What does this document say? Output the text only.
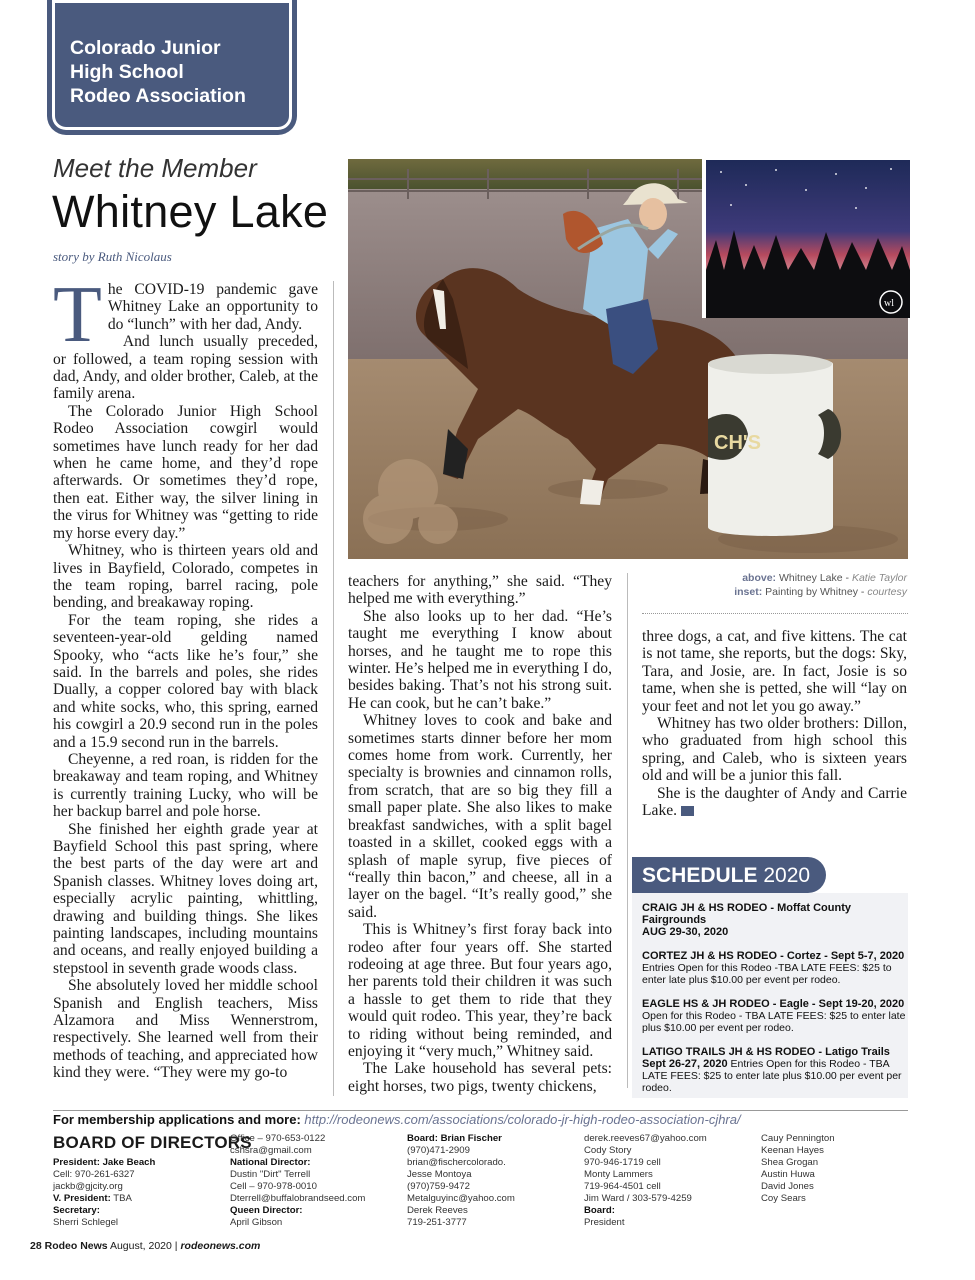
Colorado Junior
High School
Rodeo Association
Meet the Member
Whitney Lake
story by Ruth Nicolaus

The COVID-19 pandemic gave Whitney Lake an opportunity to do “lunch” with her dad, Andy.

And lunch usually preceded, or followed, a team roping session with dad, Andy, and older brother, Caleb, at the family arena.

The Colorado Junior High School Rodeo Association cowgirl would sometimes have lunch ready for her dad when he came home, and they’d rope afterwards. Or sometimes they’d rope, then eat. Either way, the silver lining in the virus for Whitney was “getting to ride my horse every day.”

Whitney, who is thirteen years old and lives in Bayfield, Colorado, competes in the team roping, barrel racing, pole bending, and breakaway roping.

For the team roping, she rides a seventeen-year-old gelding named Spooky, who “acts like he’s four,” she said. In the barrels and poles, she rides Dually, a copper colored bay with black and white socks, who, this spring, earned his cowgirl a 20.9 second run in the poles and a 15.9 second run in the barrels.

Cheyenne, a red roan, is ridden for the breakaway and team roping, and Whitney is currently training Lucky, who will be her backup barrel and pole horse.

She finished her eighth grade year at Bayfield School this past spring, where the best parts of the day were art and Spanish classes. Whitney loves doing art, especially acrylic painting, whittling, drawing and building things. She likes painting landscapes, including mountains and oceans, and really enjoyed building a stepstool in seventh grade woods class.

She absolutely loved her middle school Spanish and English teachers, Miss Alzamora and Miss Wennerstrom, respectively. She learned well from their methods of teaching, and appreciated how kind they were. “They were my go-to

CH'S
wl
above: Whitney Lake - Katie Taylor
inset: Painting by Whitney - courtesy

teachers for anything,” she said. “They helped me with everything.”

She also looks up to her dad. “He’s taught me everything I know about horses, and he taught me to rope this winter. He’s helped me in everything I do, besides baking. That’s not his strong suit. He can cook, but he can’t bake.”

Whitney loves to cook and bake and sometimes starts dinner before her mom comes home from work. Currently, her specialty is brownies and cinnamon rolls, from scratch, that are so big they fill a small paper plate. She also likes to make breakfast sandwiches, with a split bagel toasted in a skillet, cooked eggs with a splash of maple syrup, five pieces of “really thin bacon,” and cheese, all in a layer on the bagel. “It’s really good,” she said.

This is Whitney’s first foray back into rodeo after four years off. She started rodeoing at age three. But four years ago, her parents told their children it was such a hassle to get them to ride that they would quit rodeo. This year, they’re back to riding without being reminded, and enjoying it “very much,” Whitney said.

The Lake household has several pets: eight horses, two pigs, twenty chickens,

three dogs, a cat, and five kittens. The cat is not tame, she reports, but the dogs: Sky, Tara, and Josie, are. In fact, Josie is so tame, when she is petted, she will “lay on your feet and not let you go away.”

Whitney has two older brothers: Dillon, who graduated from high school this spring, and Caleb, who is sixteen years old and will be a junior this fall.

She is the daughter of Andy and Carrie Lake.

SCHEDULE 2020
CRAIG JH & HS RODEO - Moffat County Fairgrounds
AUG 29-30, 2020
CORTEZ JH & HS RODEO - Cortez - Sept 5-7, 2020
Entries Open for this Rodeo -TBA LATE FEES: $25 to enter late plus $10.00 per event per rodeo.
EAGLE HS & JH RODEO - Eagle - Sept 19-20, 2020
Open for this Rodeo - TBA LATE FEES: $25 to enter late plus $10.00 per event per rodeo.
LATIGO TRAILS JH & HS RODEO - Latigo Trails
Sept 26-27, 2020 Entries Open for this Rodeo - TBA LATE FEES: $25 to enter late plus $10.00 per event per rodeo.
For membership applications and more: http://rodeonews.com/associations/colorado-jr-high-rodeo-association-cjhra/
BOARD OF DIRECTORS
President: Jake Beach
Cell: 970-261-6327
jackb@gjcity.org
V. President: TBA
Secretary:
Sherri Schlegel
Office – 970-653-0122
cshsra@gmail.com
National Director:
Dustin "Dirt" Terrell
Cell – 970-978-0010
Dterrell@buffalobrandseed.com
Queen Director:
April Gibson
Board: Brian Fischer
(970)471-2909
brian@fischercolorado.
Jesse Montoya
(970)759-9472
Metalguyinc@yahoo.com
Derek Reeves
719-251-3777
derek.reeves67@yahoo.com
Cody Story
970-946-1719 cell
Monty Lammers
719-964-4501 cell
Jim Ward / 303-579-4259
Board:
President
Cauy Pennington
Keenan Hayes
Shea Grogan
Austin Huwa
David Jones
Coy Sears
28 Rodeo News August, 2020 | rodeonews.com
